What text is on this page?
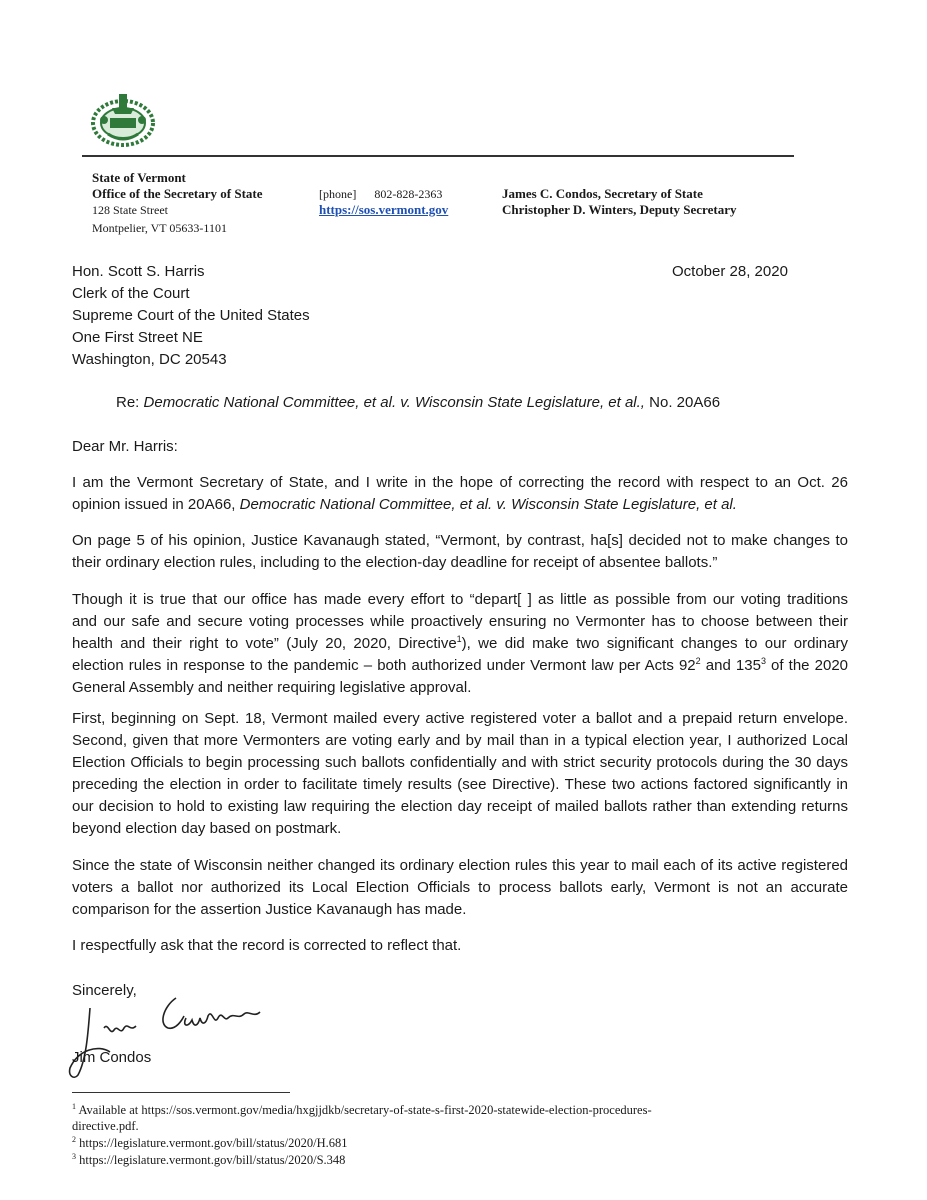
State of Vermont
Office of the Secretary of State
128 State Street
Montpelier, VT 05633-1101
[phone] 802-828-2363
https://sos.vermont.gov
James C. Condos, Secretary of State
Christopher D. Winters, Deputy Secretary
Hon. Scott S. Harris	October 28, 2020
Clerk of the Court
Supreme Court of the United States
One First Street NE
Washington, DC 20543
Re: Democratic National Committee, et al. v. Wisconsin State Legislature, et al., No. 20A66
Dear Mr. Harris:
I am the Vermont Secretary of State, and I write in the hope of correcting the record with respect to an Oct. 26
opinion issued in 20A66, Democratic National Committee, et al. v. Wisconsin State Legislature, et al.
On page 5 of his opinion, Justice Kavanaugh stated, “Vermont, by contrast, ha[s] decided not to make changes to
their ordinary election rules, including to the election-day deadline for receipt of absentee ballots.”
Though it is true that our office has made every effort to “depart[ ] as little as possible from our voting traditions
and our safe and secure voting processes while proactively ensuring no Vermonter has to choose between their
health and their right to vote” (July 20, 2020, Directive$^1$), we did make two significant changes to our ordinary
election rules in response to the pandemic – both authorized under Vermont law per Acts $92^2$ and $135^3$ of the 2020
General Assembly and neither requiring legislative approval.
First, beginning on Sept. 18, Vermont mailed every active registered voter a ballot and a prepaid return envelope.
Second, given that more Vermonters are voting early and by mail than in a typical election year, I authorized Local
Election Officials to begin processing such ballots confidentially and with strict security protocols during the 30 days
preceding the election in order to facilitate timely results (see Directive). These two actions factored significantly in
our decision to hold to existing law requiring the election day receipt of mailed ballots rather than extending returns
beyond election day based on postmark.
Since the state of Wisconsin neither changed its ordinary election rules this year to mail each of its active registered
voters a ballot nor authorized its Local Election Officials to process ballots early, Vermont is not an accurate
comparison for the assertion Justice Kavanaugh has made.
I respectfully ask that the record is corrected to reflect that.
Sincerely,
Jim Condos
$^1$ Available at https://sos.vermont.gov/media/hxgjjdkb/secretary-of-state-s-first-2020-statewide-election-procedures-
directive.pdf.
$^2$ https://legislature.vermont.gov/bill/status/2020/H.681
$^3$ https://legislature.vermont.gov/bill/status/2020/S.348
